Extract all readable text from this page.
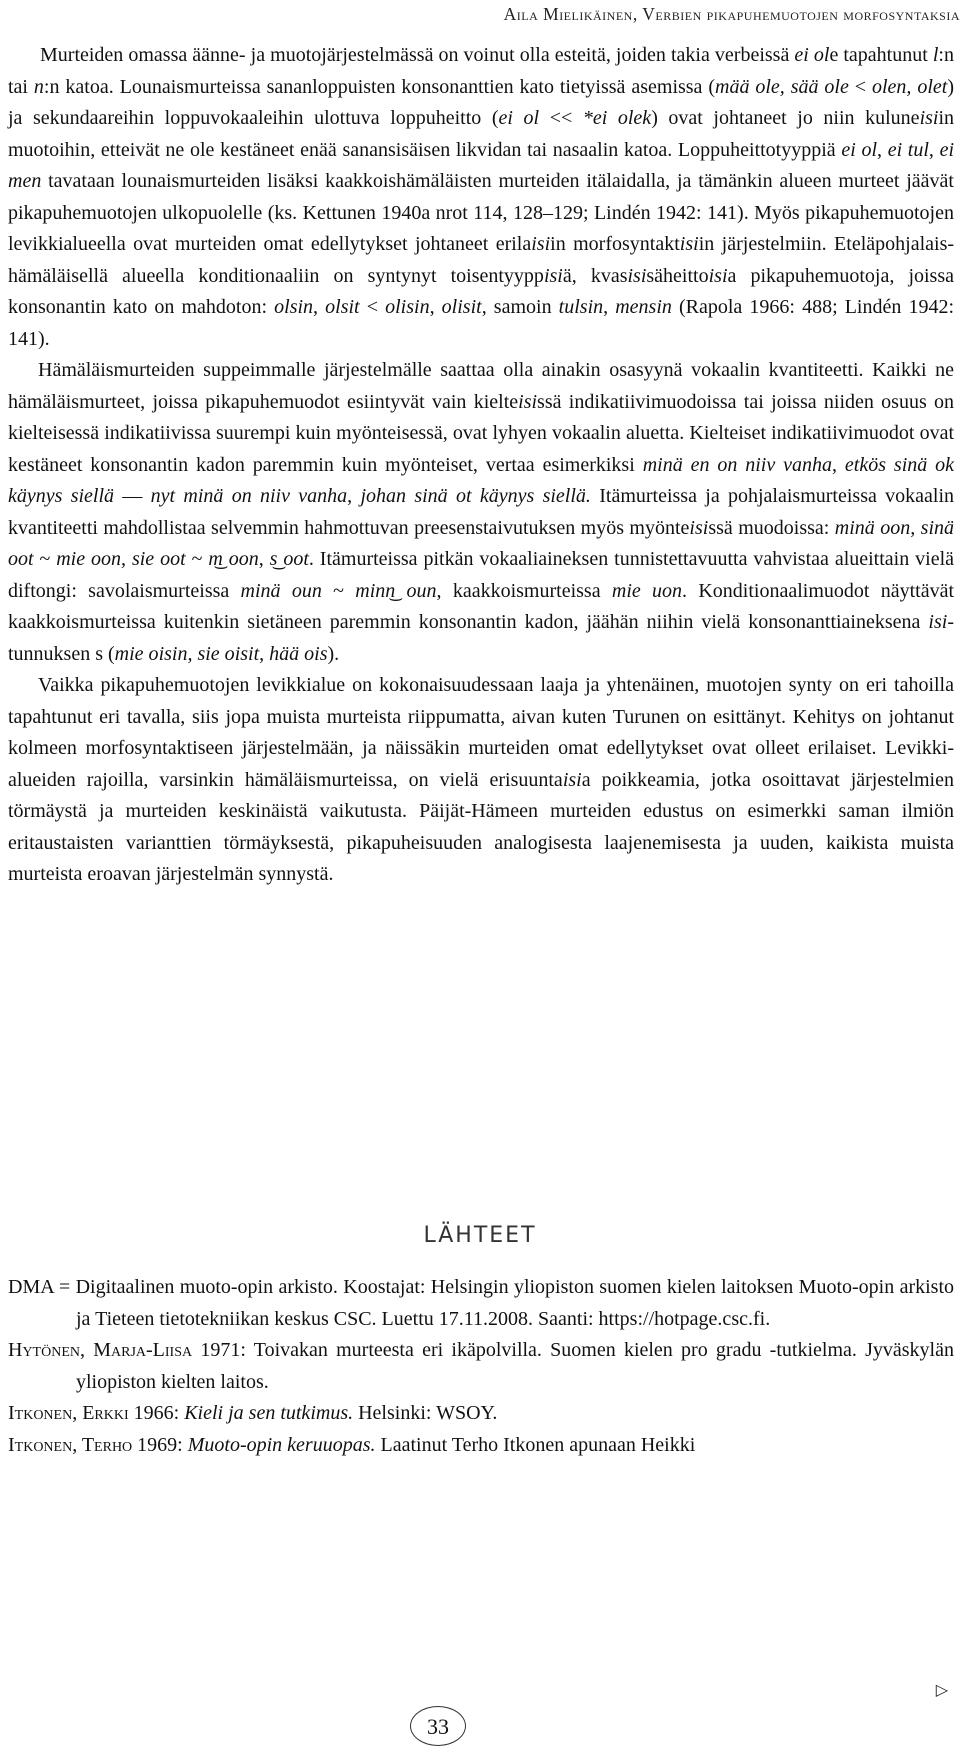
Aila Mielikäinen, Verbien pikapuhemuotojen morfosyntaksia

Murteiden omassa äänne- ja muotojärjestelmässä on voinut olla esteitä, joiden takia verbeissä ei ole tapahtunut l:n tai n:n katoa. Lounaismurteissa sananloppuisten konsonanttien kato tietyissä asemissa (mää ole, sää ole < olen, olet) ja sekundaareihin loppuvokaaleihin ulottuva loppuheitto (ei ol << *ei olek) ovat johtaneet jo niin kuluneisiin muotoihin, etteivät ne ole kestäneet enää sanansisäisen likvidan tai nasaalin katoa. Loppuheittotyyppiä ei ol, ei tul, ei men tavataan lounaismurteiden lisäksi kaakkoishämäläisten murteiden itälaidalla, ja tämänkin alueen murteet jäävät pikapuhemuotojen ulkopuolelle (ks. Kettunen 1940a nrot 114, 128–129; Lindén 1942: 141). Myös pikapuhemuotojen levikkialueella ovat murteiden omat edellytykset johtaneet erilaisiin morfosyntaktisiin järjestelmiin. Eteläpohjalais-hämäläisellä alueella konditionaaliin on syntynyt toisentyyppisiä, kvasisisäheittoisia pikapuhemuotoja, joissa konsonantin kato on mahdoton: olsin, olsit < olisin, olisit, samoin tulsin, mensin (Rapola 1966: 488; Lindén 1942: 141).

Hämäläismurteiden suppeimmalle järjestelmälle saattaa olla ainakin osasyynä vokaalin kvantiteetti. Kaikki ne hämäläismurteet, joissa pikapuhemuodot esiintyvät vain kielteisissä indikatiivimuodoissa tai joissa niiden osuus on kielteisessä indikatiivissa suurempi kuin myönteisessä, ovat lyhyen vokaalin aluetta. Kielteiset indikatiivimuodot ovat kestäneet konsonantin kadon paremmin kuin myönteiset, vertaa esimerkiksi minä en on niiv vanha, etkös sinä ok käynys siellä — nyt minä on niiv vanha, johan sinä ot käynys siellä. Itämurteissa ja pohjalaismurteissa vokaalin kvantiteetti mahdollistaa selvemmin hahmottuvan preesenstaivutuksen myös myönteisissä muodoissa: minä oon, sinä oot ~ mie oon, sie oot ~ m͜ oon, s͜ oot. Itämurteissa pitkän vokaaliaineksen tunnistettavuutta vahvistaa alueittain vielä diftongi: savolaismurteissa minä oun ~ minn͜ oun, kaakkoismurteissa mie uon. Konditionaalimuodot näyttävät kaakkoismurteissa kuitenkin sietäneen paremmin konsonantin kadon, jäähän niihin vielä konsonanttiaineksena isi-tunnuksen s (mie oisin, sie oisit, hää ois).

Vaikka pikapuhemuotojen levikkialue on kokonaisuudessaan laaja ja yhtenäinen, muotojen synty on eri tahoilla tapahtunut eri tavalla, siis jopa muista murteista riippumatta, aivan kuten Turunen on esittänyt. Kehitys on johtanut kolmeen morfosyntaktiseen järjestelmään, ja näissäkin murteiden omat edellytykset ovat olleet erilaiset. Levikkialueiden rajoilla, varsinkin hämäläismurteissa, on vielä erisuuntaisia poikkeamia, jotka osoittavat järjestelmien törmäystä ja murteiden keskinäistä vaikutusta. Päijät-Hämeen murteiden edustus on esimerkki saman ilmiön eritaustaisten varianttien törmäyksestä, pikapuheisuuden analogisesta laajenemisesta ja uuden, kaikista muista murteista eroavan järjestelmän synnystä.

LÄHTEET

DMA = Digitaalinen muoto-opin arkisto. Koostajat: Helsingin yliopiston suomen kielen laitoksen Muoto-opin arkisto ja Tieteen tietotekniikan keskus CSC. Luettu 17.11.2008. Saanti: https://hotpage.csc.fi.

Hytönen, Marja-Liisa 1971: Toivakan murteesta eri ikäpolvilla. Suomen kielen pro gradu -tutkielma. Jyväskylän yliopiston kielten laitos.

Itkonen, Erkki 1966: Kieli ja sen tutkimus. Helsinki: WSOY.

Itkonen, Terho 1969: Muoto-opin keruuopas. Laatinut Terho Itkonen apunaan Heikki

▷
33
